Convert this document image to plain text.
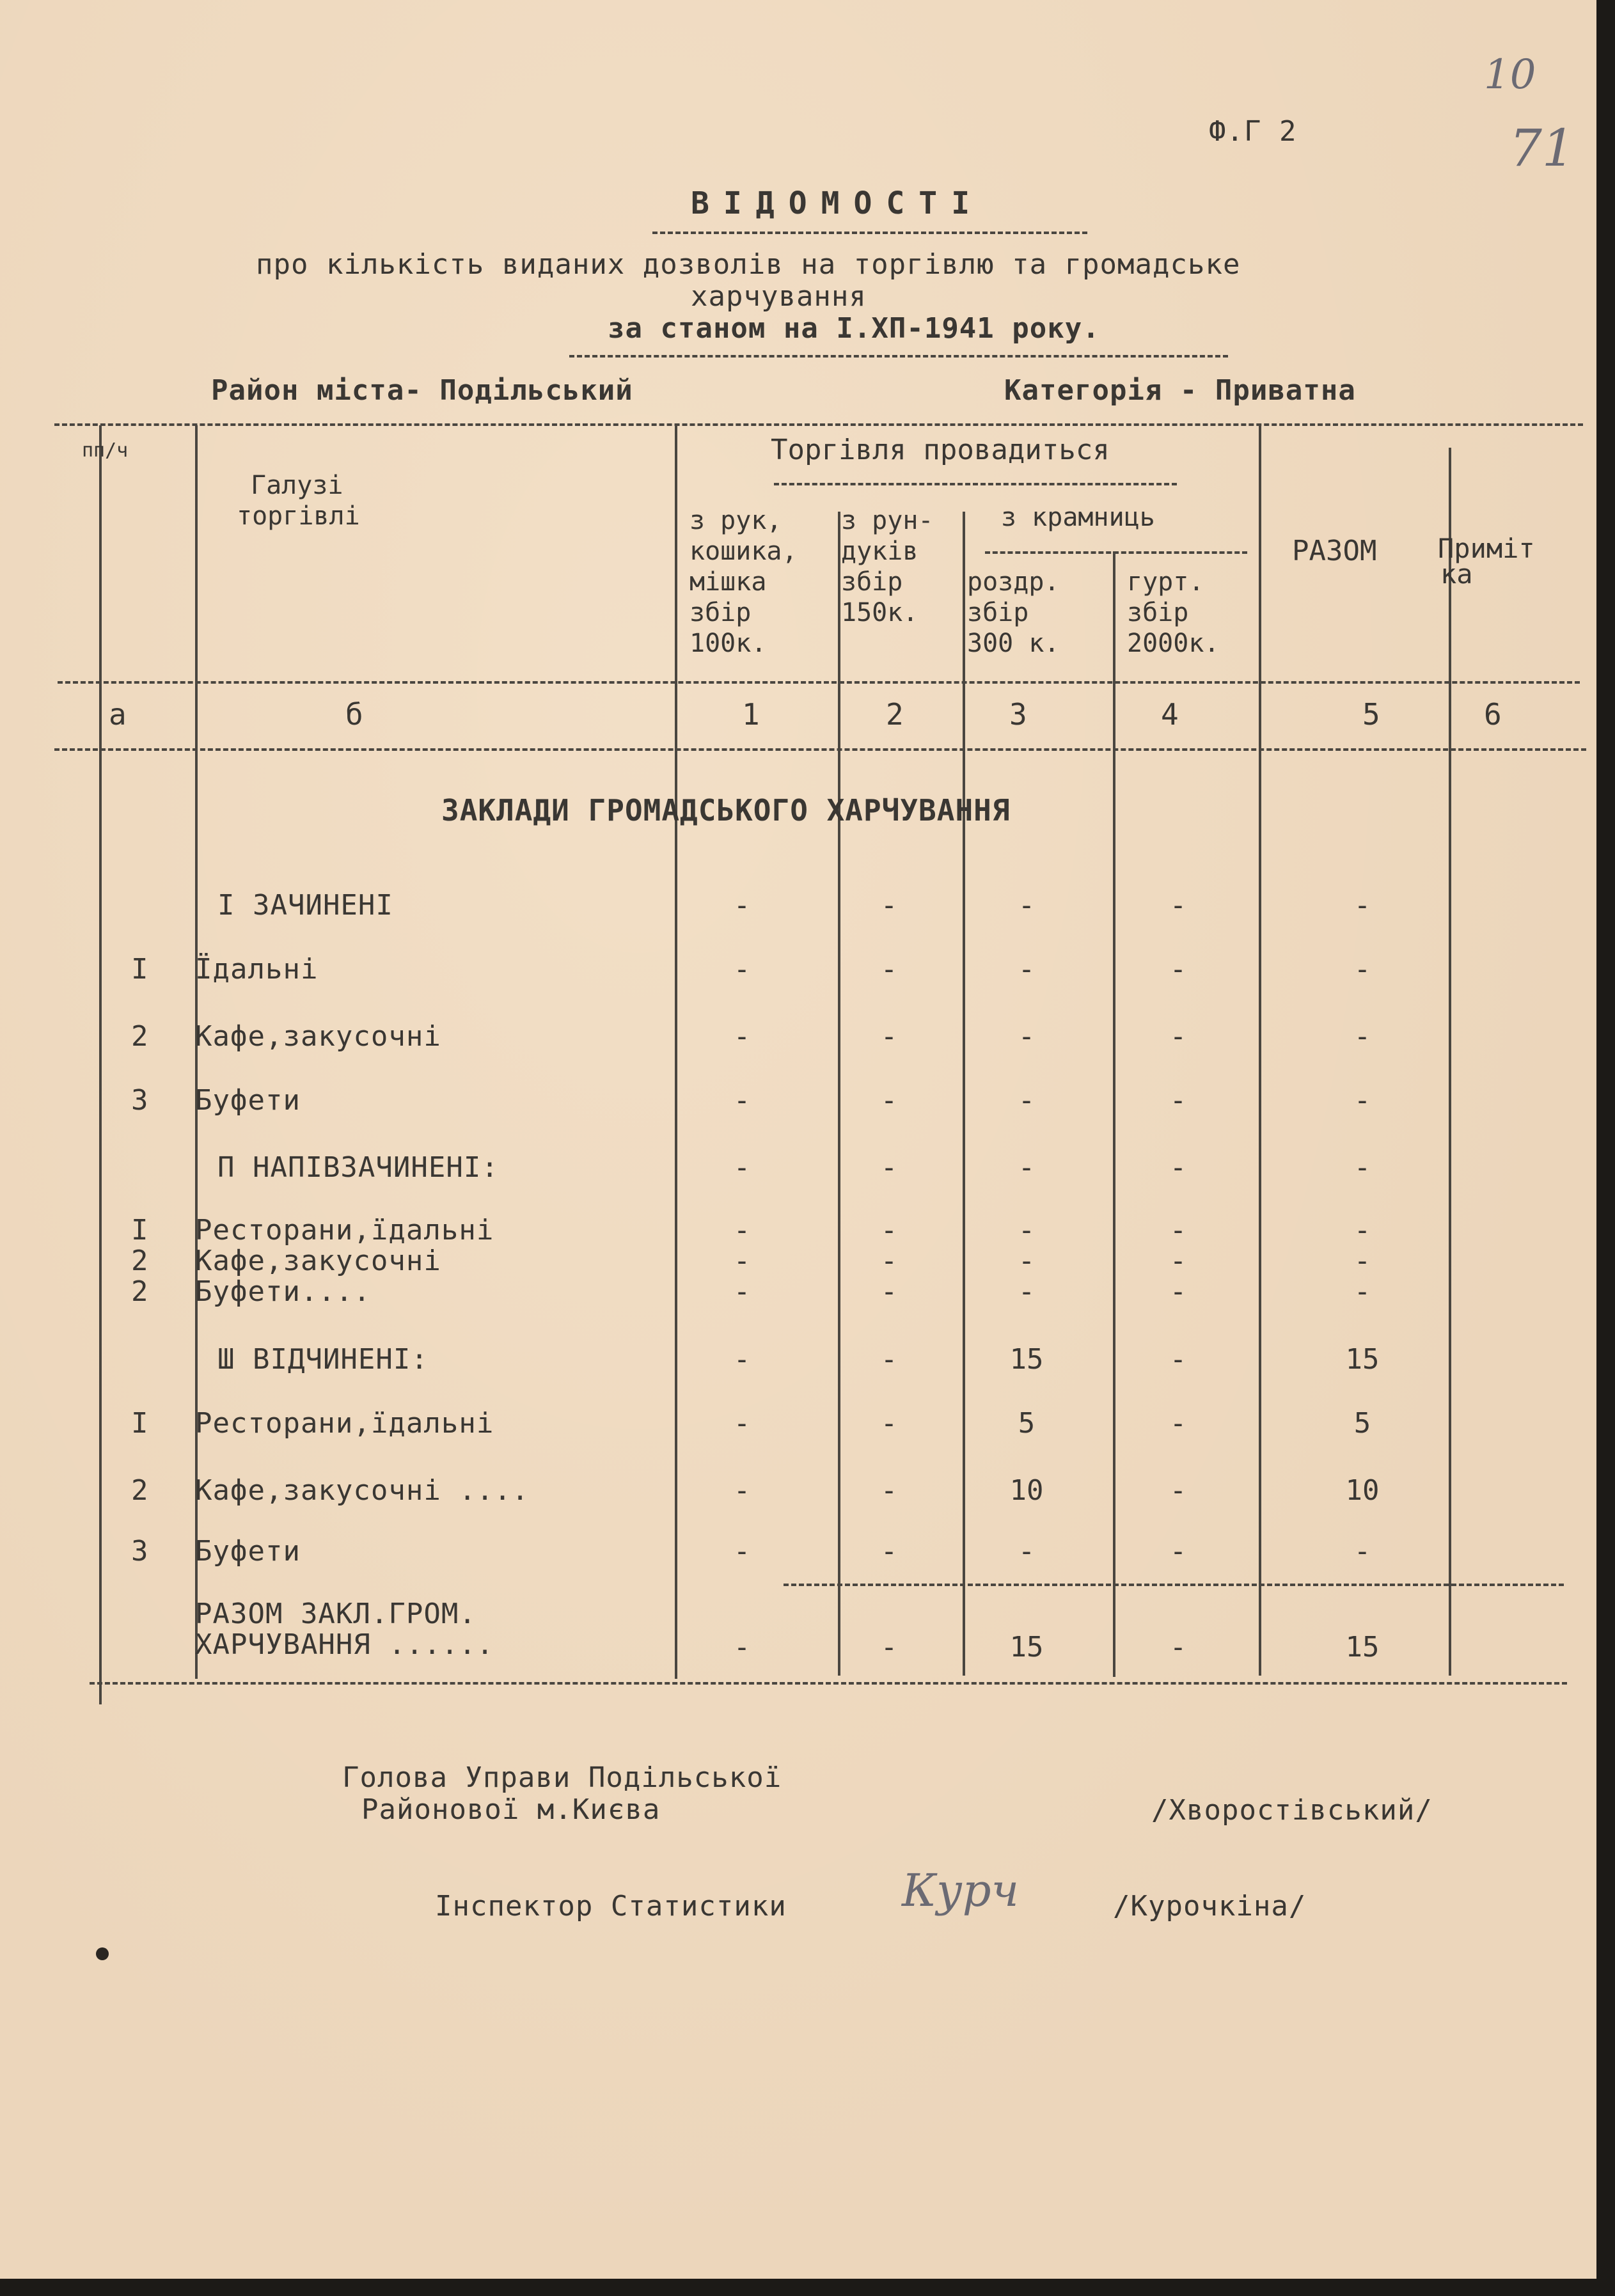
10
71
Ф.Г 2
ВІДОМОСТІ
про кількість виданих дозволів на торгівлю та громадське
харчування
за станом на І.ХП-1941 року.
Район міста- Подільський	Категорія - Приватна
пп/ч
Галузі
торгівлі
Торгівля провадиться
з крамниць
з рук,
кошика,
мішка
збір
100к.
з рун-
дуків
збір
150к.
роздр.
збір
300 к.
гурт.
збір
2000к.
РАЗОМ Приміт
ка
а	б	1	2	3	4	5	6
ЗАКЛАДИ ГРОМАДСЬКОГО ХАРЧУВАННЯ
І ЗАЧИНЕНІ	-	-	-	-	-
І Їдальні	-	-	-	-	-
2 Кафе,закусочні	-	-	-	-	-
3 Буфети	-	-	-	-	-
П НАПІВЗАЧИНЕНІ:	-	-	-	-	-
І Ресторани,їдальні	-	-	-	-	-
2 Кафе,закусочні	-	-	-	-	-
2 Буфети....	-	-	-	-	-
Ш ВІДЧИНЕНІ:	-	-	15	-	15
І Ресторани,їдальні	-	-	5	-	5
2 Кафе,закусочні ....	-	-	10	-	10
3 Буфети	-	-	-	-	-
РАЗОМ ЗАКЛ.ГРОМ.
ХАРЧУВАННЯ ......	-	-	15	-	15
Голова Управи Подільської
Районової м.Києва	/Хворостівський/
Інспектор Статистики	Курч	/Курочкіна/
